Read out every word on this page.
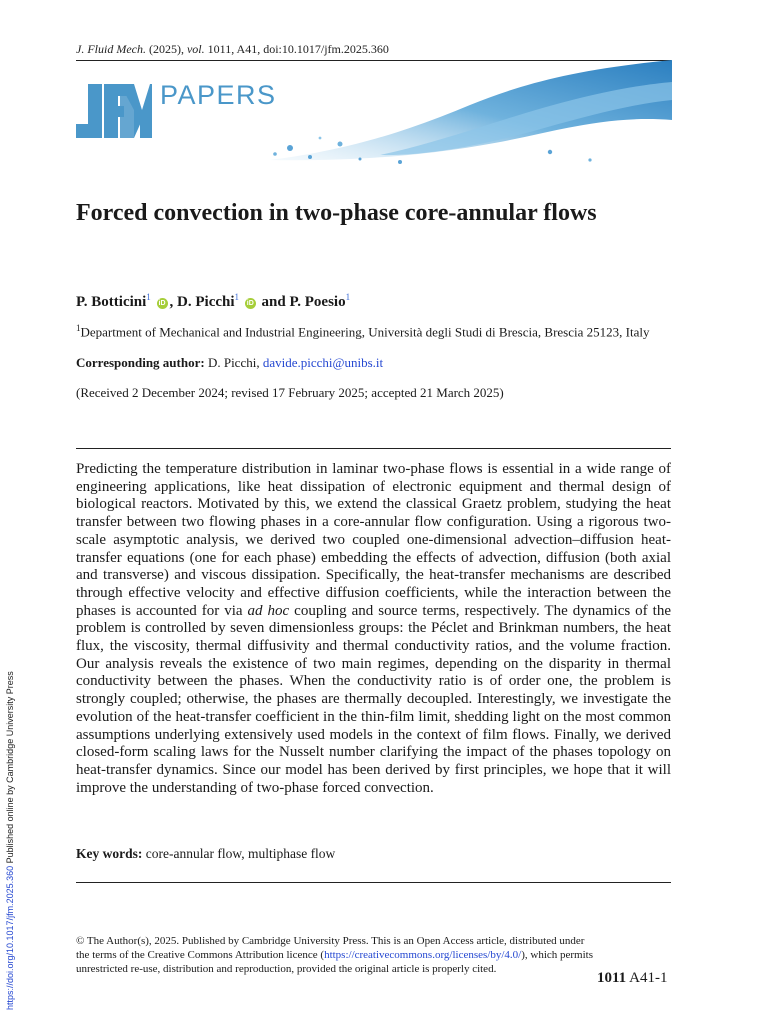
J. Fluid Mech. (2025), vol. 1011, A41, doi:10.1017/jfm.2025.360
PAPERS
Forced convection in two-phase core-annular flows
P. Botticini$^1$ iD , D. Picchi$^1$ iD and P. Poesio$^1$
$^1$Department of Mechanical and Industrial Engineering, Università degli Studi di Brescia, Brescia 25123, Italy
Corresponding author: D. Picchi, davide.picchi@unibs.it
(Received 2 December 2024; revised 17 February 2025; accepted 21 March 2025)

Predicting the temperature distribution in laminar two-phase flows is essential in a wide range of engineering applications, like heat dissipation of electronic equipment and thermal design of biological reactors. Motivated by this, we extend the classical Graetz problem, studying the heat transfer between two flowing phases in a core-annular flow configuration. Using a rigorous two-scale asymptotic analysis, we derived two coupled one-dimensional advection–diffusion heat-transfer equations (one for each phase) embedding the effects of advection, diffusion (both axial and transverse) and viscous dissipation. Specifically, the heat-transfer mechanisms are described through effective velocity and effective diffusion coefficients, while the interaction between the phases is accounted for via ad hoc coupling and source terms, respectively. The dynamics of the problem is controlled by seven dimensionless groups: the Péclet and Brinkman numbers, the heat flux, the viscosity, thermal diffusivity and thermal conductivity ratios, and the volume fraction. Our analysis reveals the existence of two main regimes, depending on the disparity in thermal conductivity between the phases. When the conductivity ratio is of order one, the problem is strongly coupled; otherwise, the phases are thermally decoupled. Interestingly, we investigate the evolution of the heat-transfer coefficient in the thin-film limit, shedding light on the most common assumptions underlying extensively used models in the context of film flows. Finally, we derived closed-form scaling laws for the Nusselt number clarifying the impact of the phases topology on heat-transfer dynamics. Since our model has been derived by first principles, we hope that it will improve the understanding of two-phase forced convection.

Key words: core-annular flow, multiphase flow
© The Author(s), 2025. Published by Cambridge University Press. This is an Open Access article, distributed under the terms of the Creative Commons Attribution licence (https://creativecommons.org/licenses/by/4.0/), which permits unrestricted re-use, distribution and reproduction, provided the original article is properly cited.
1011 A41-1
https://doi.org/10.1017/jfm.2025.360 Published online by Cambridge University Press
